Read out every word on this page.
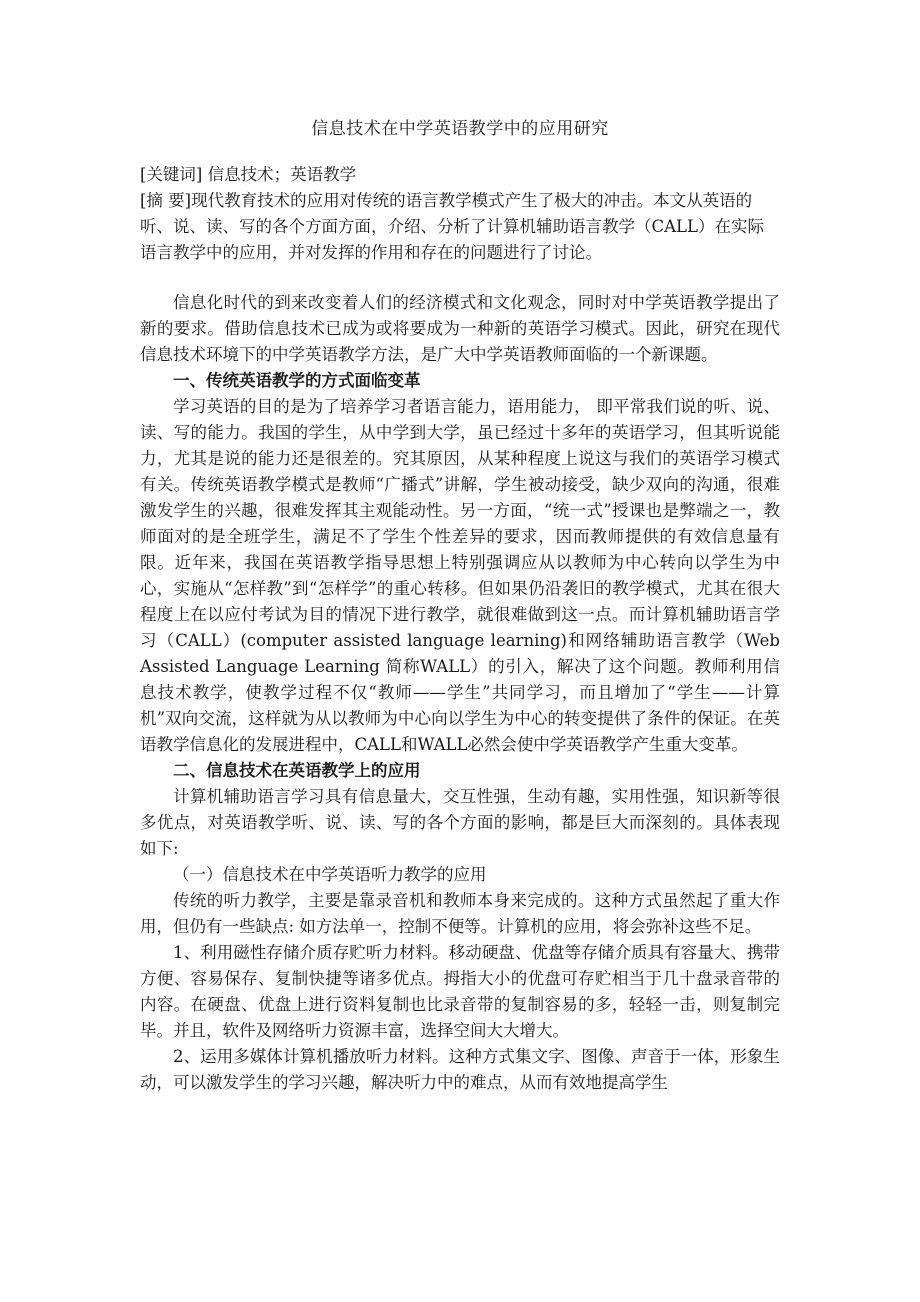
信息技术在中学英语教学中的应用研究
[关键词] 信息技术；英语教学
[摘 要]现代教育技术的应用对传统的语言教学模式产生了极大的冲击。本文从英语的听、说、读、写的各个方面方面，介绍、分析了计算机辅助语言教学（CALL）在实际语言教学中的应用，并对发挥的作用和存在的问题进行了讨论。

信息化时代的到来改变着人们的经济模式和文化观念，同时对中学英语教学提出了新的要求。借助信息技术已成为或将要成为一种新的英语学习模式。因此，研究在现代信息技术环境下的中学英语教学方法，是广大中学英语教师面临的一个新课题。

一、传统英语教学的方式面临变革

学习英语的目的是为了培养学习者语言能力，语用能力， 即平常我们说的听、说、读、写的能力。我国的学生，从中学到大学，虽已经过十多年的英语学习，但其听说能力，尤其是说的能力还是很差的。究其原因，从某种程度上说这与我们的英语学习模式有关。传统英语教学模式是教师“广播式”讲解，学生被动接受，缺少双向的沟通，很难激发学生的兴趣，很难发挥其主观能动性。另一方面，“统一式”授课也是弊端之一，教师面对的是全班学生，满足不了学生个性差异的要求，因而教师提供的有效信息量有限。近年来，我国在英语教学指导思想上特别强调应从以教师为中心转向以学生为中心，实施从“怎样教”到“怎样学”的重心转移。但如果仍沿袭旧的教学模式，尤其在很大程度上在以应付考试为目的情况下进行教学，就很难做到这一点。而计算机辅助语言学习（CALL）(computer assisted language learning)和网络辅助语言教学（Web Assisted Language Learning 简称WALL）的引入，解决了这个问题。教师利用信息技术教学，使教学过程不仅“教师——学生”共同学习，而且增加了“学生——计算机”双向交流，这样就为从以教师为中心向以学生为中心的转变提供了条件的保证。在英语教学信息化的发展进程中，CALL和WALL必然会使中学英语教学产生重大变革。

二、信息技术在英语教学上的应用

计算机辅助语言学习具有信息量大，交互性强，生动有趣，实用性强，知识新等很多优点，对英语教学听、说、读、写的各个方面的影响，都是巨大而深刻的。具体表现如下:

（一）信息技术在中学英语听力教学的应用

传统的听力教学，主要是靠录音机和教师本身来完成的。这种方式虽然起了重大作用，但仍有一些缺点: 如方法单一，控制不便等。计算机的应用，将会弥补这些不足。

1、利用磁性存储介质存贮听力材料。移动硬盘、优盘等存储介质具有容量大、携带方便、容易保存、复制快捷等诸多优点。拇指大小的优盘可存贮相当于几十盘录音带的内容。在硬盘、优盘上进行资料复制也比录音带的复制容易的多，轻轻一击，则复制完毕。并且，软件及网络听力资源丰富，选择空间大大增大。

2、运用多媒体计算机播放听力材料。这种方式集文字、图像、声音于一体，形象生动，可以激发学生的学习兴趣，解决听力中的难点，从而有效地提高学生
